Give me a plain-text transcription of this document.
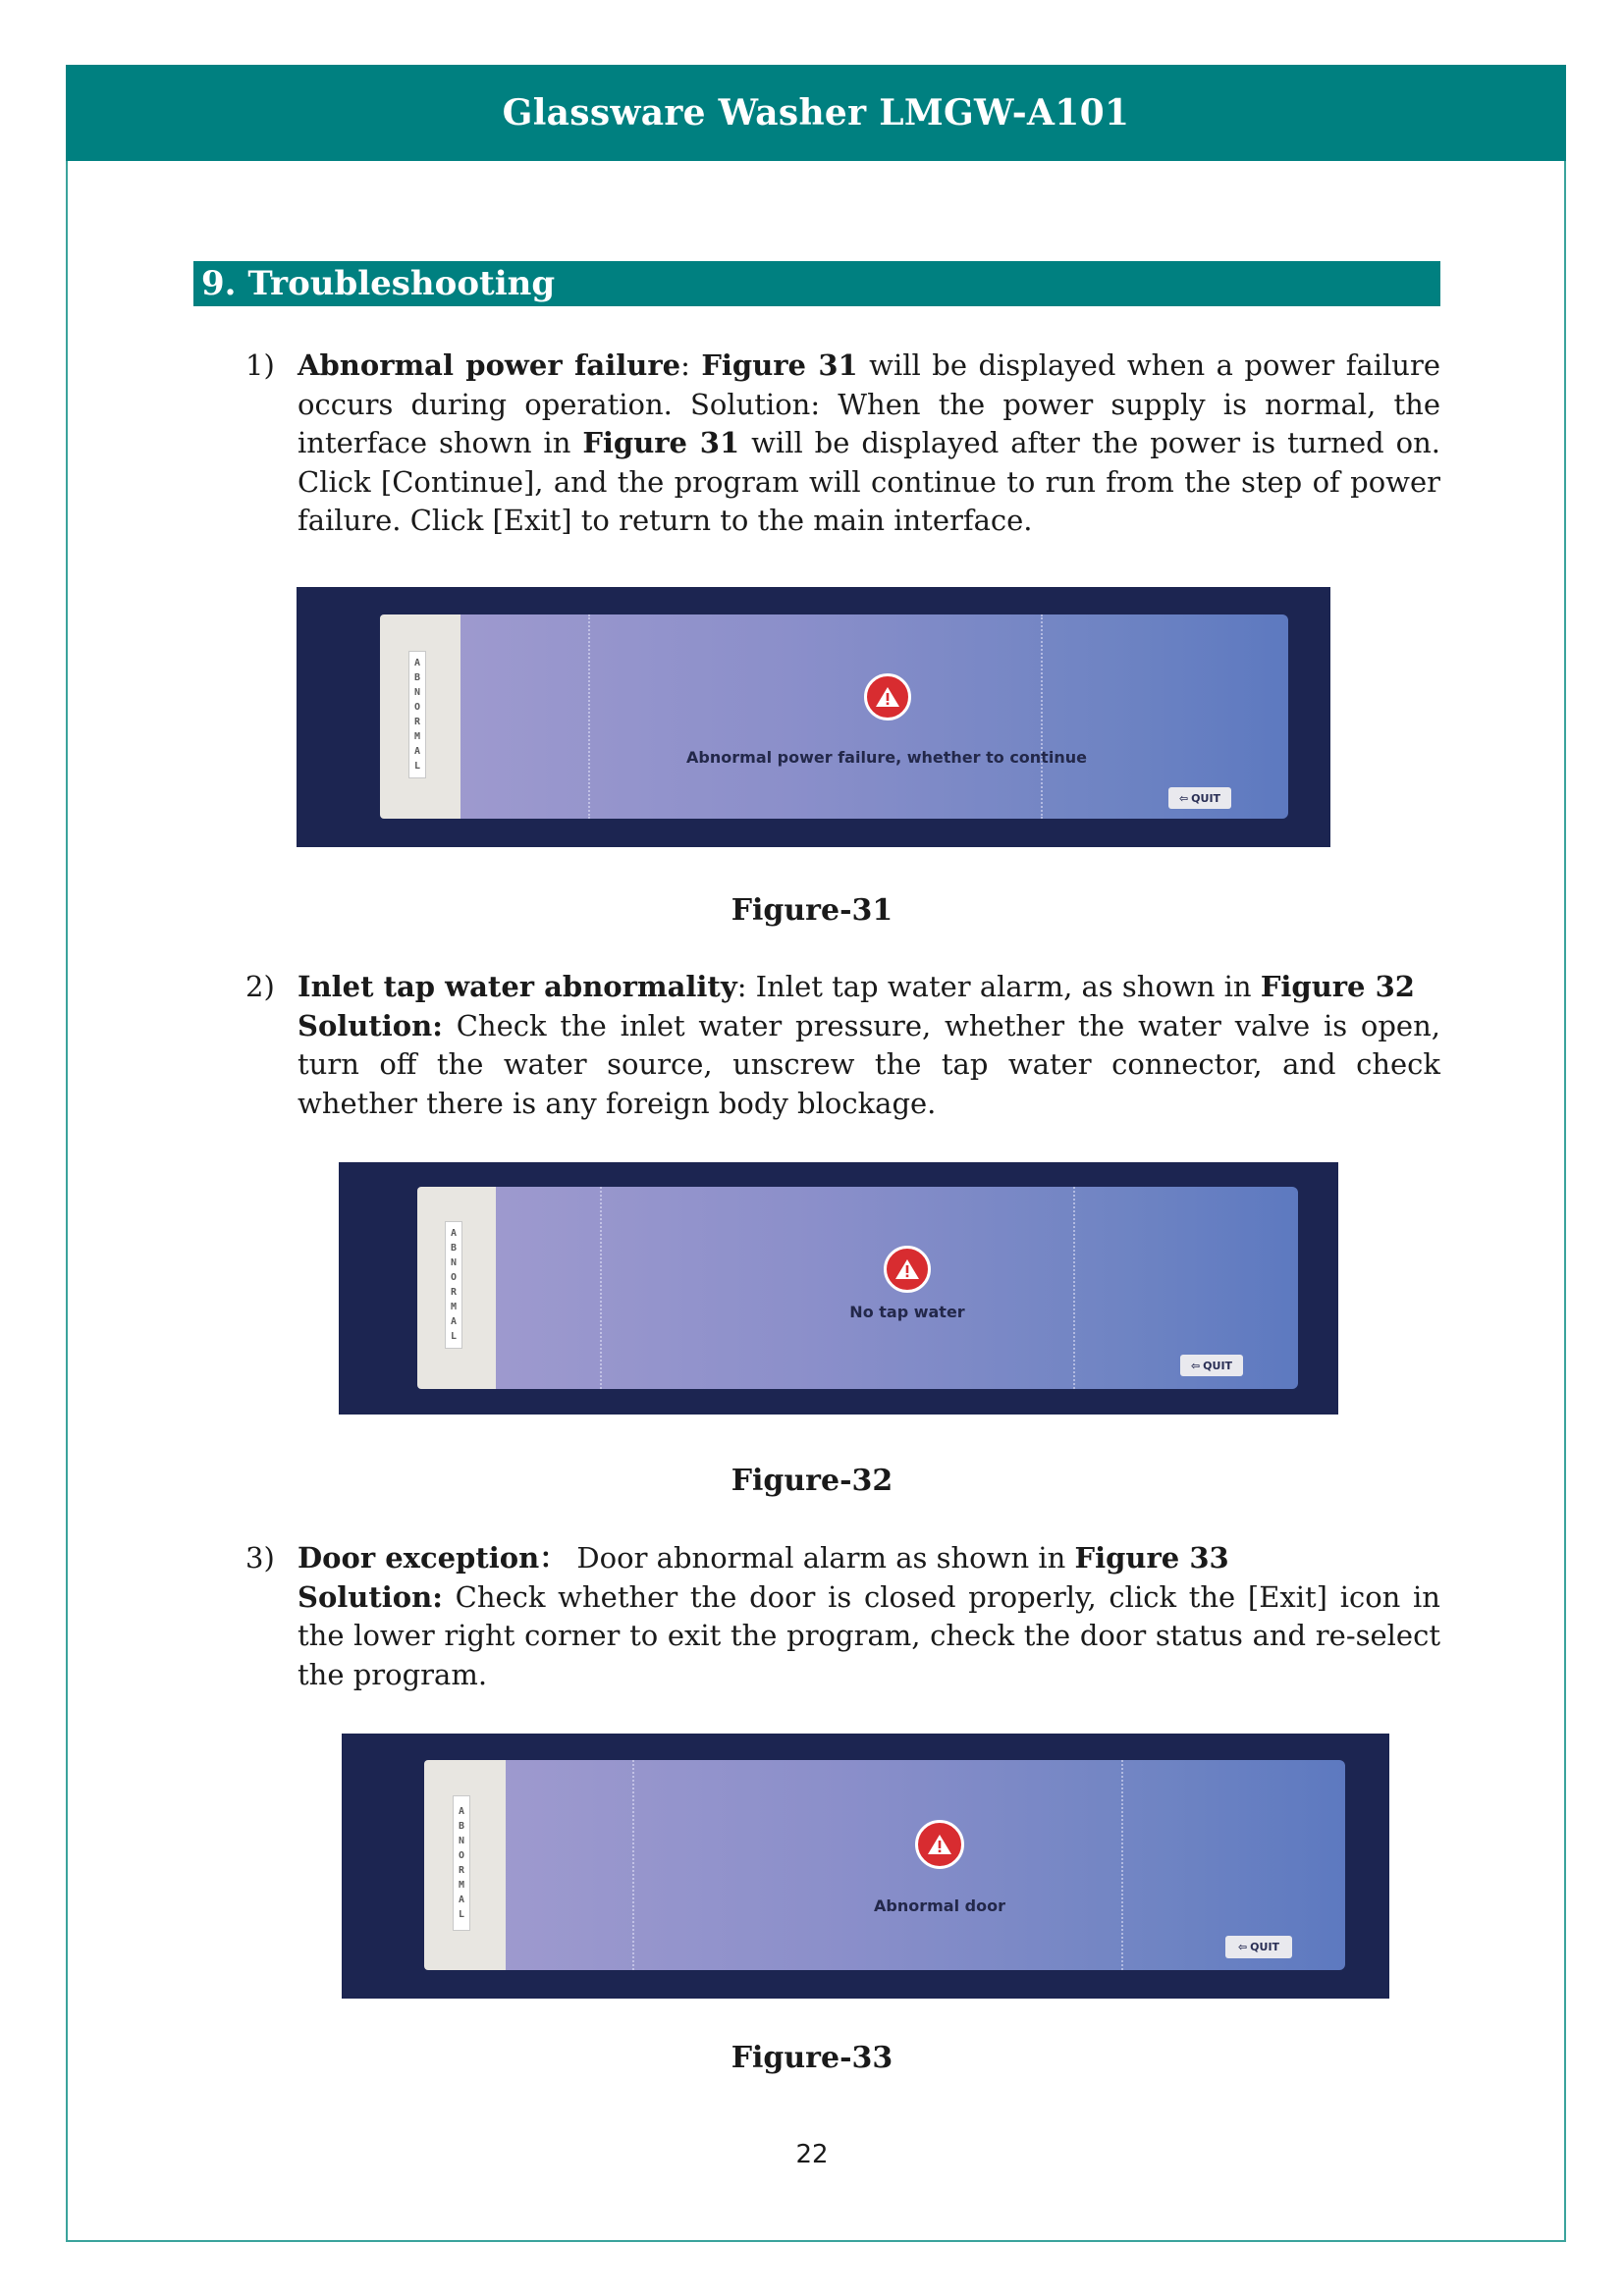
Glassware Washer LMGW-A101
9. Troubleshooting
1) Abnormal power failure: Figure 31 will be displayed when a power failure occurs during operation. Solution: When the power supply is normal, the interface shown in Figure 31 will be displayed after the power is turned on. Click [Continue], and the program will continue to run from the step of power failure. Click [Exit] to return to the main interface.

A
B
N
O
R
M
A
L	Abnormal power failure, whether to continue
⇦ QUIT
Figure-31
2) Inlet tap water abnormality: Inlet tap water alarm, as shown in Figure 32

Solution: Check the inlet water pressure, whether the water valve is open, turn off the water source, unscrew the tap water connector, and check whether there is any foreign body blockage.

A
B
N
O
R
M
A
L
No tap water
⇦ QUIT
Figure-32
3) Door exception： Door abnormal alarm as shown in Figure 33

Solution: Check whether the door is closed properly, click the [Exit] icon in the lower right corner to exit the program, check the door status and re-select the program.

A
B
N
O
R
M
A
L	Abnormal door
⇦ QUIT
Figure-33
22
